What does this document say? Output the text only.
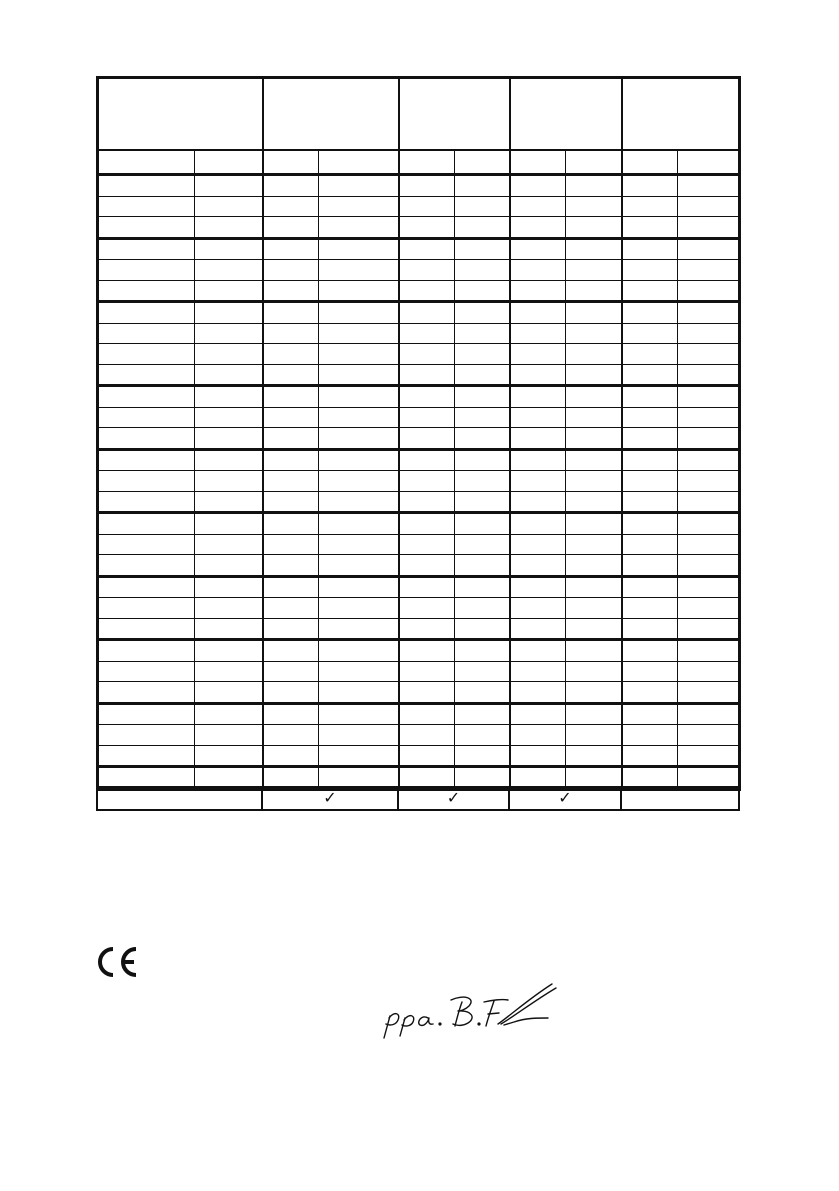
	✓	✓	✓	
